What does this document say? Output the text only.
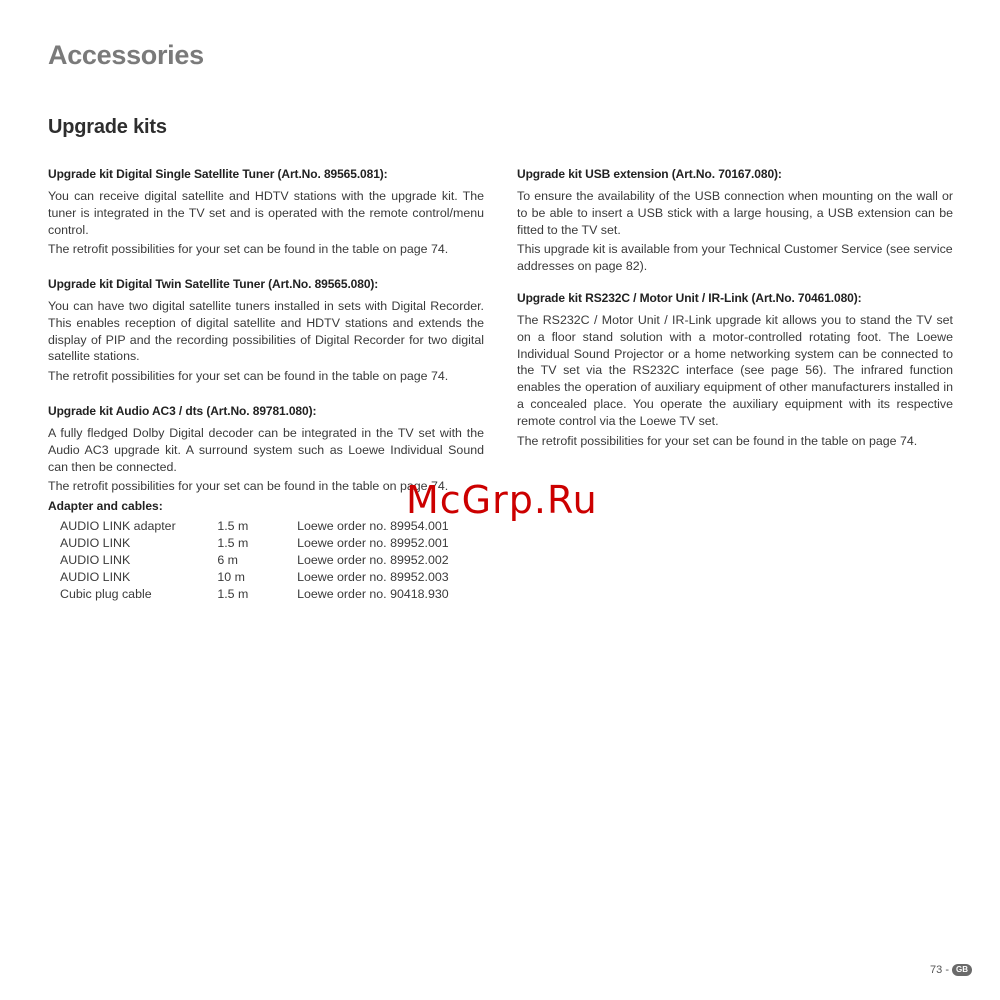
Accessories
Upgrade kits
Upgrade kit Digital Single Satellite Tuner (Art.No. 89565.081):

You can receive digital satellite and HDTV stations with the upgrade kit. The tuner is integrated in the TV set and is operated with the remote control/menu control.

The retrofit possibilities for your set can be found in the table on page 74.

Upgrade kit Digital Twin Satellite Tuner (Art.No. 89565.080):

You can have two digital satellite tuners installed in sets with Digital Recorder. This enables reception of digital satellite and HDTV stations and extends the display of PIP and the recording possibilities of Digital Recorder for two digital satellite stations.

The retrofit possibilities for your set can be found in the table on page 74.

Upgrade kit Audio AC3 / dts (Art.No. 89781.080):

A fully fledged Dolby Digital decoder can be integrated in the TV set with the Audio AC3 upgrade kit. A surround system such as Loewe Individual Sound can then be connected.

The retrofit possibilities for your set can be found in the table on page 74.

Adapter and cables:
AUDIO LINK adapter	1.5 m	Loewe order no. 89954.001
AUDIO LINK	1.5 m	Loewe order no. 89952.001
AUDIO LINK	6 m	Loewe order no. 89952.002
AUDIO LINK	10 m	Loewe order no. 89952.003
Cubic plug cable	1.5 m	Loewe order no. 90418.930
Upgrade kit USB extension (Art.No. 70167.080):

To ensure the availability of the USB connection when mounting on the wall or to be able to insert a USB stick with a large housing, a USB extension can be fitted to the TV set.

This upgrade kit is available from your Technical Customer Service (see service addresses on page 82).

Upgrade kit RS232C / Motor Unit / IR-Link (Art.No. 70461.080):

The RS232C / Motor Unit / IR-Link upgrade kit allows you to stand the TV set on a floor stand solution with a motor-controlled rotating foot. The Loewe Individual Sound Projector or a home networking system can be connected to the TV set via the RS232C interface (see page 56). The infrared function enables the operation of auxiliary equipment of other manufacturers installed in a concealed place. You operate the auxiliary equipment with its respective remote control via the Loewe TV set.

The retrofit possibilities for your set can be found in the table on page 74.

McGrp.Ru
73 - GB
